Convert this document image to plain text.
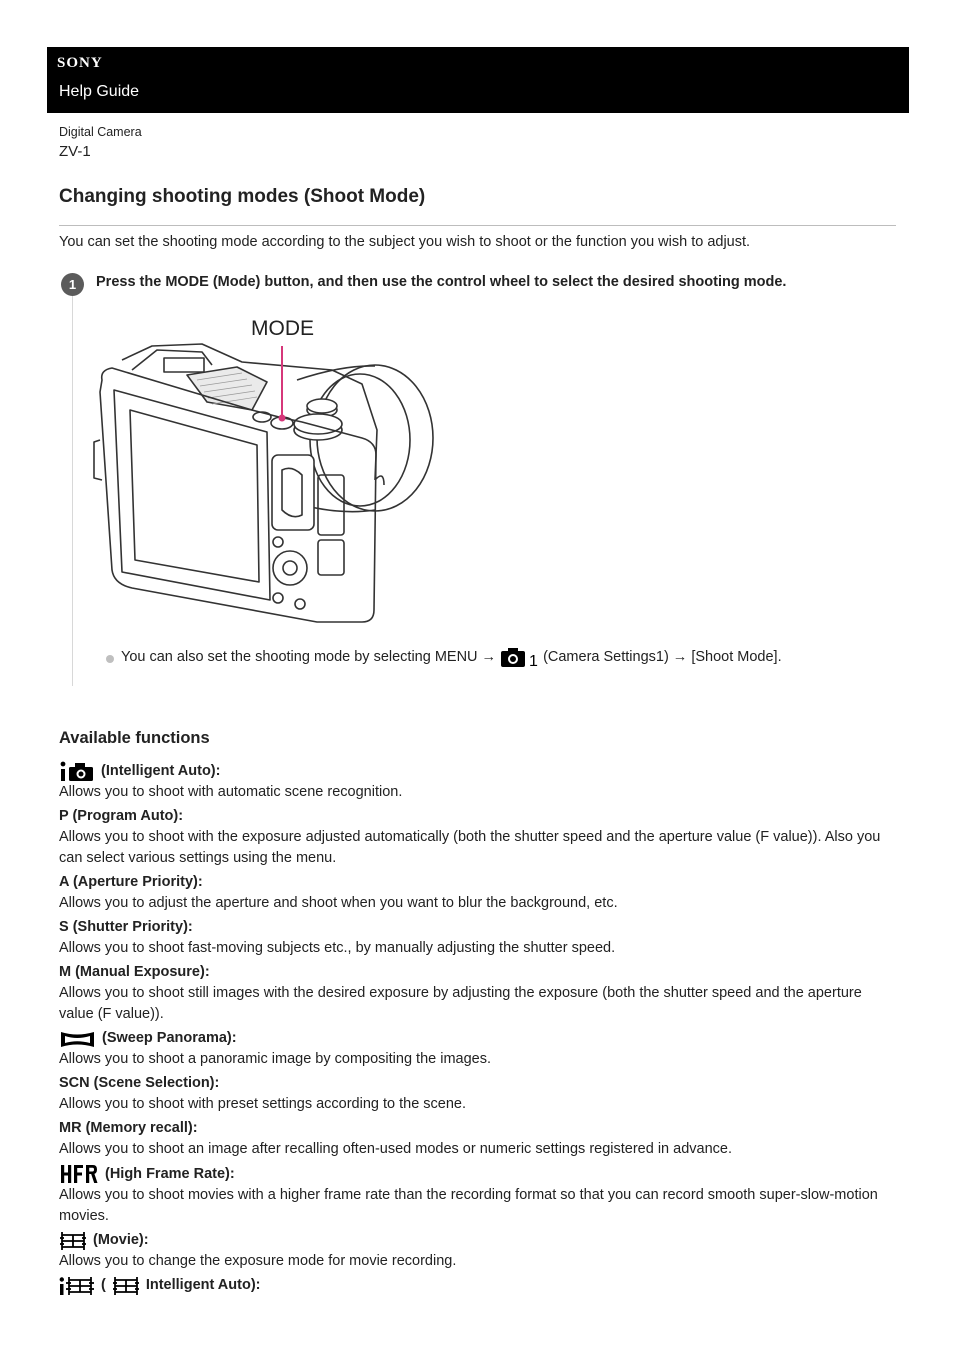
SONY
Help Guide
Digital Camera
ZV-1
Changing shooting modes (Shoot Mode)
You can set the shooting mode according to the subject you wish to shoot or the function you wish to adjust.
1	Press the MODE (Mode) button, and then use the control wheel to select the desired shooting mode.
MODE
You can also set the shooting mode by selecting MENU → 1 (Camera Settings1) → [Shoot Mode].
Available functions
(Intelligent Auto):
Allows you to shoot with automatic scene recognition.
P (Program Auto):
Allows you to shoot with the exposure adjusted automatically (both the shutter speed and the aperture value (F value)). Also you can select various settings using the menu.
A (Aperture Priority):
Allows you to adjust the aperture and shoot when you want to blur the background, etc.
S (Shutter Priority):
Allows you to shoot fast-moving subjects etc., by manually adjusting the shutter speed.
M (Manual Exposure):
Allows you to shoot still images with the desired exposure by adjusting the exposure (both the shutter speed and the aperture value (F value)).
(Sweep Panorama):
Allows you to shoot a panoramic image by compositing the images.
SCN (Scene Selection):
Allows you to shoot with preset settings according to the scene.
MR (Memory recall):
Allows you to shoot an image after recalling often-used modes or numeric settings registered in advance.
(High Frame Rate):
Allows you to shoot movies with a higher frame rate than the recording format so that you can record smooth super-slow-motion movies.
(Movie):
Allows you to change the exposure mode for movie recording.
(	Intelligent Auto):
